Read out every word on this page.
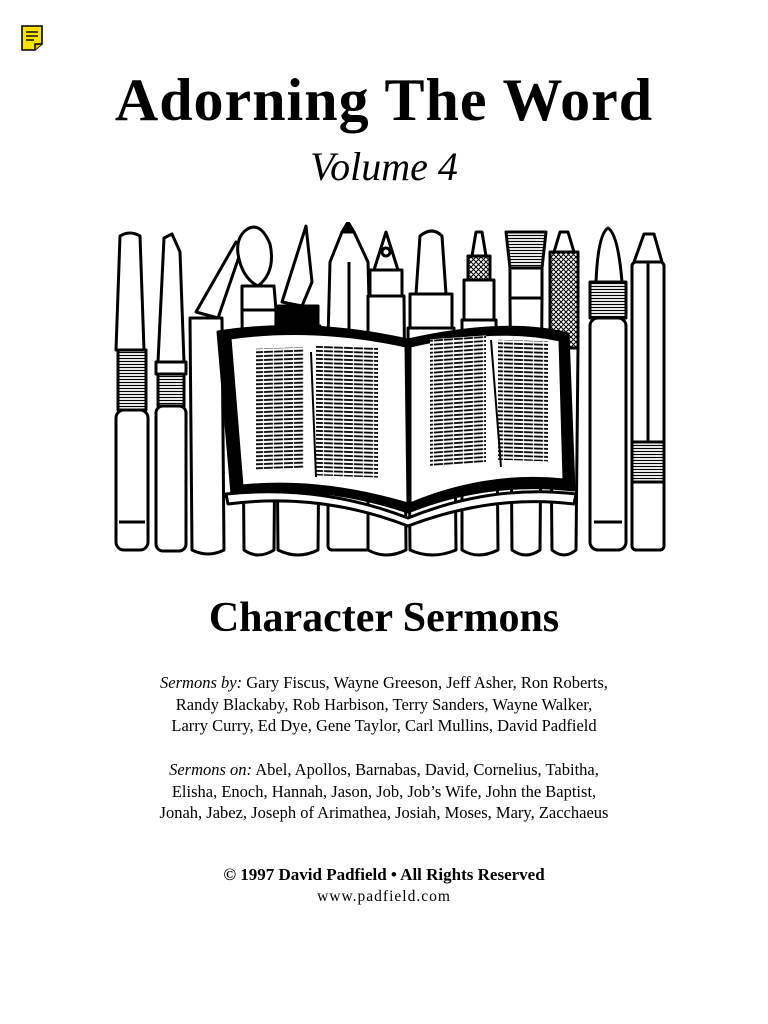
Adorning The Word
Volume 4
Character Sermons
Sermons by: Gary Fiscus, Wayne Greeson, Jeff Asher, Ron Roberts,
Randy Blackaby, Rob Harbison, Terry Sanders, Wayne Walker,
Larry Curry, Ed Dye, Gene Taylor, Carl Mullins, David Padfield
Sermons on: Abel, Apollos, Barnabas, David, Cornelius, Tabitha,
Elisha, Enoch, Hannah, Jason, Job, Job’s Wife, John the Baptist,
Jonah, Jabez, Joseph of Arimathea, Josiah, Moses, Mary, Zacchaeus
© 1997 David Padfield • All Rights Reserved
www.padfield.com
